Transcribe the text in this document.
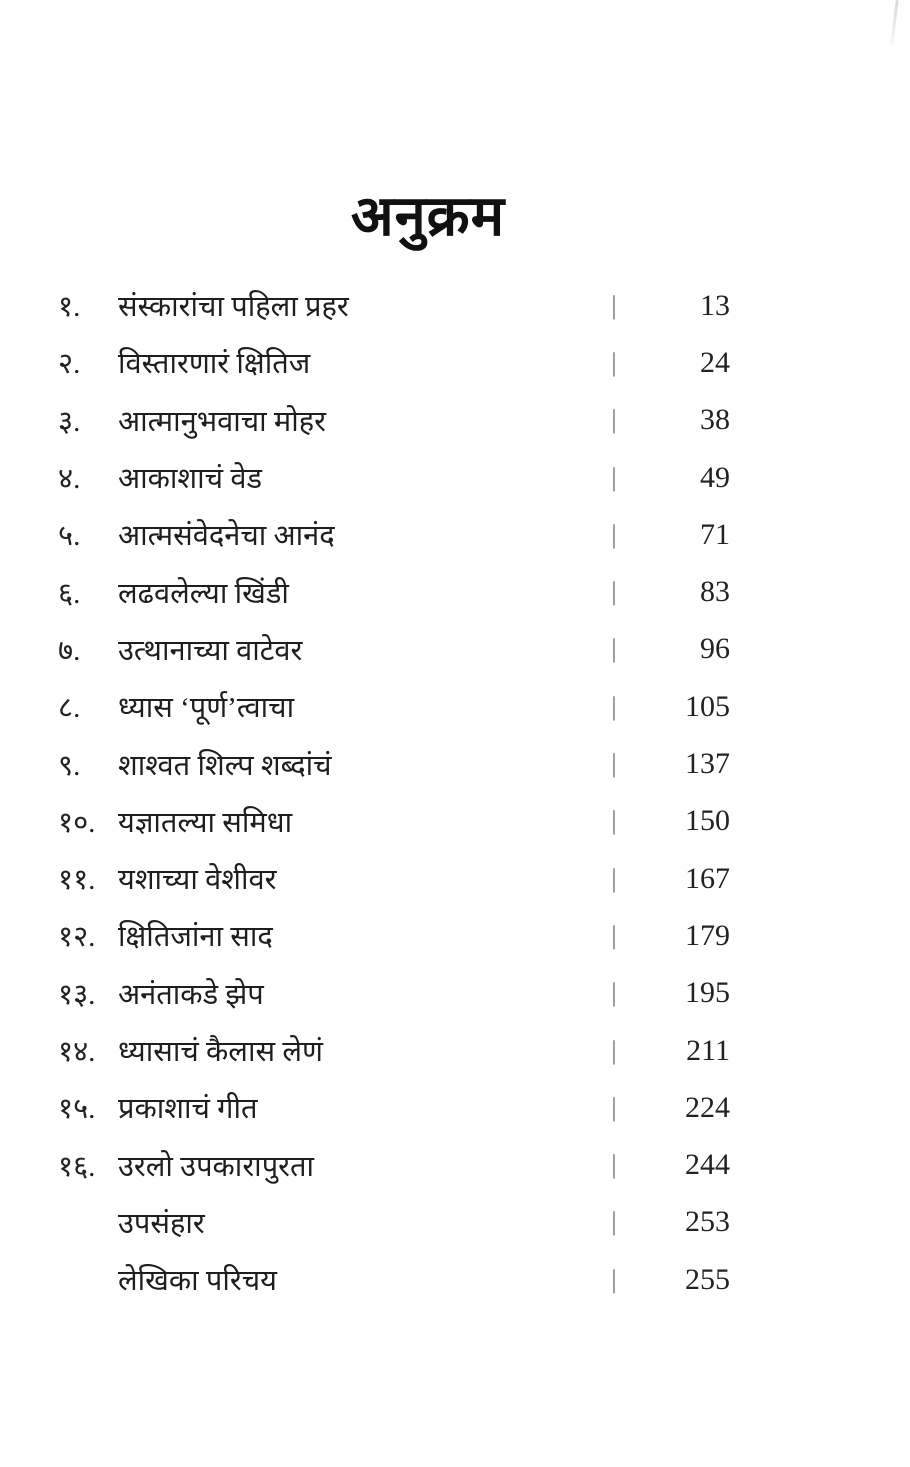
अनुक्रम
१.	संस्कारांचा पहिला प्रहर	|	13
२.	विस्तारणारं क्षितिज	|	24
३.	आत्मानुभवाचा मोहर	|	38
४.	आकाशाचं वेड	|	49
५.	आत्मसंवेदनेचा आनंद	|	71
६.	लढवलेल्या खिंडी	|	83
७.	उत्थानाच्या वाटेवर	|	96
८.	ध्यास ‘पूर्ण’त्वाचा	|	105
९.	शाश्वत शिल्प शब्दांचं	|	137
१०. यज्ञातल्या समिधा	|	150
११. यशाच्या वेशीवर	|	167
१२. क्षितिजांना साद	|	179
१३. अनंताकडे झेप	|	195
१४. ध्यासाचं कैलास लेणं	|	211
१५. प्रकाशाचं गीत	|	224
१६. उरलो उपकारापुरता	|	244
उपसंहार	|	253
लेखिका परिचय	|	255
